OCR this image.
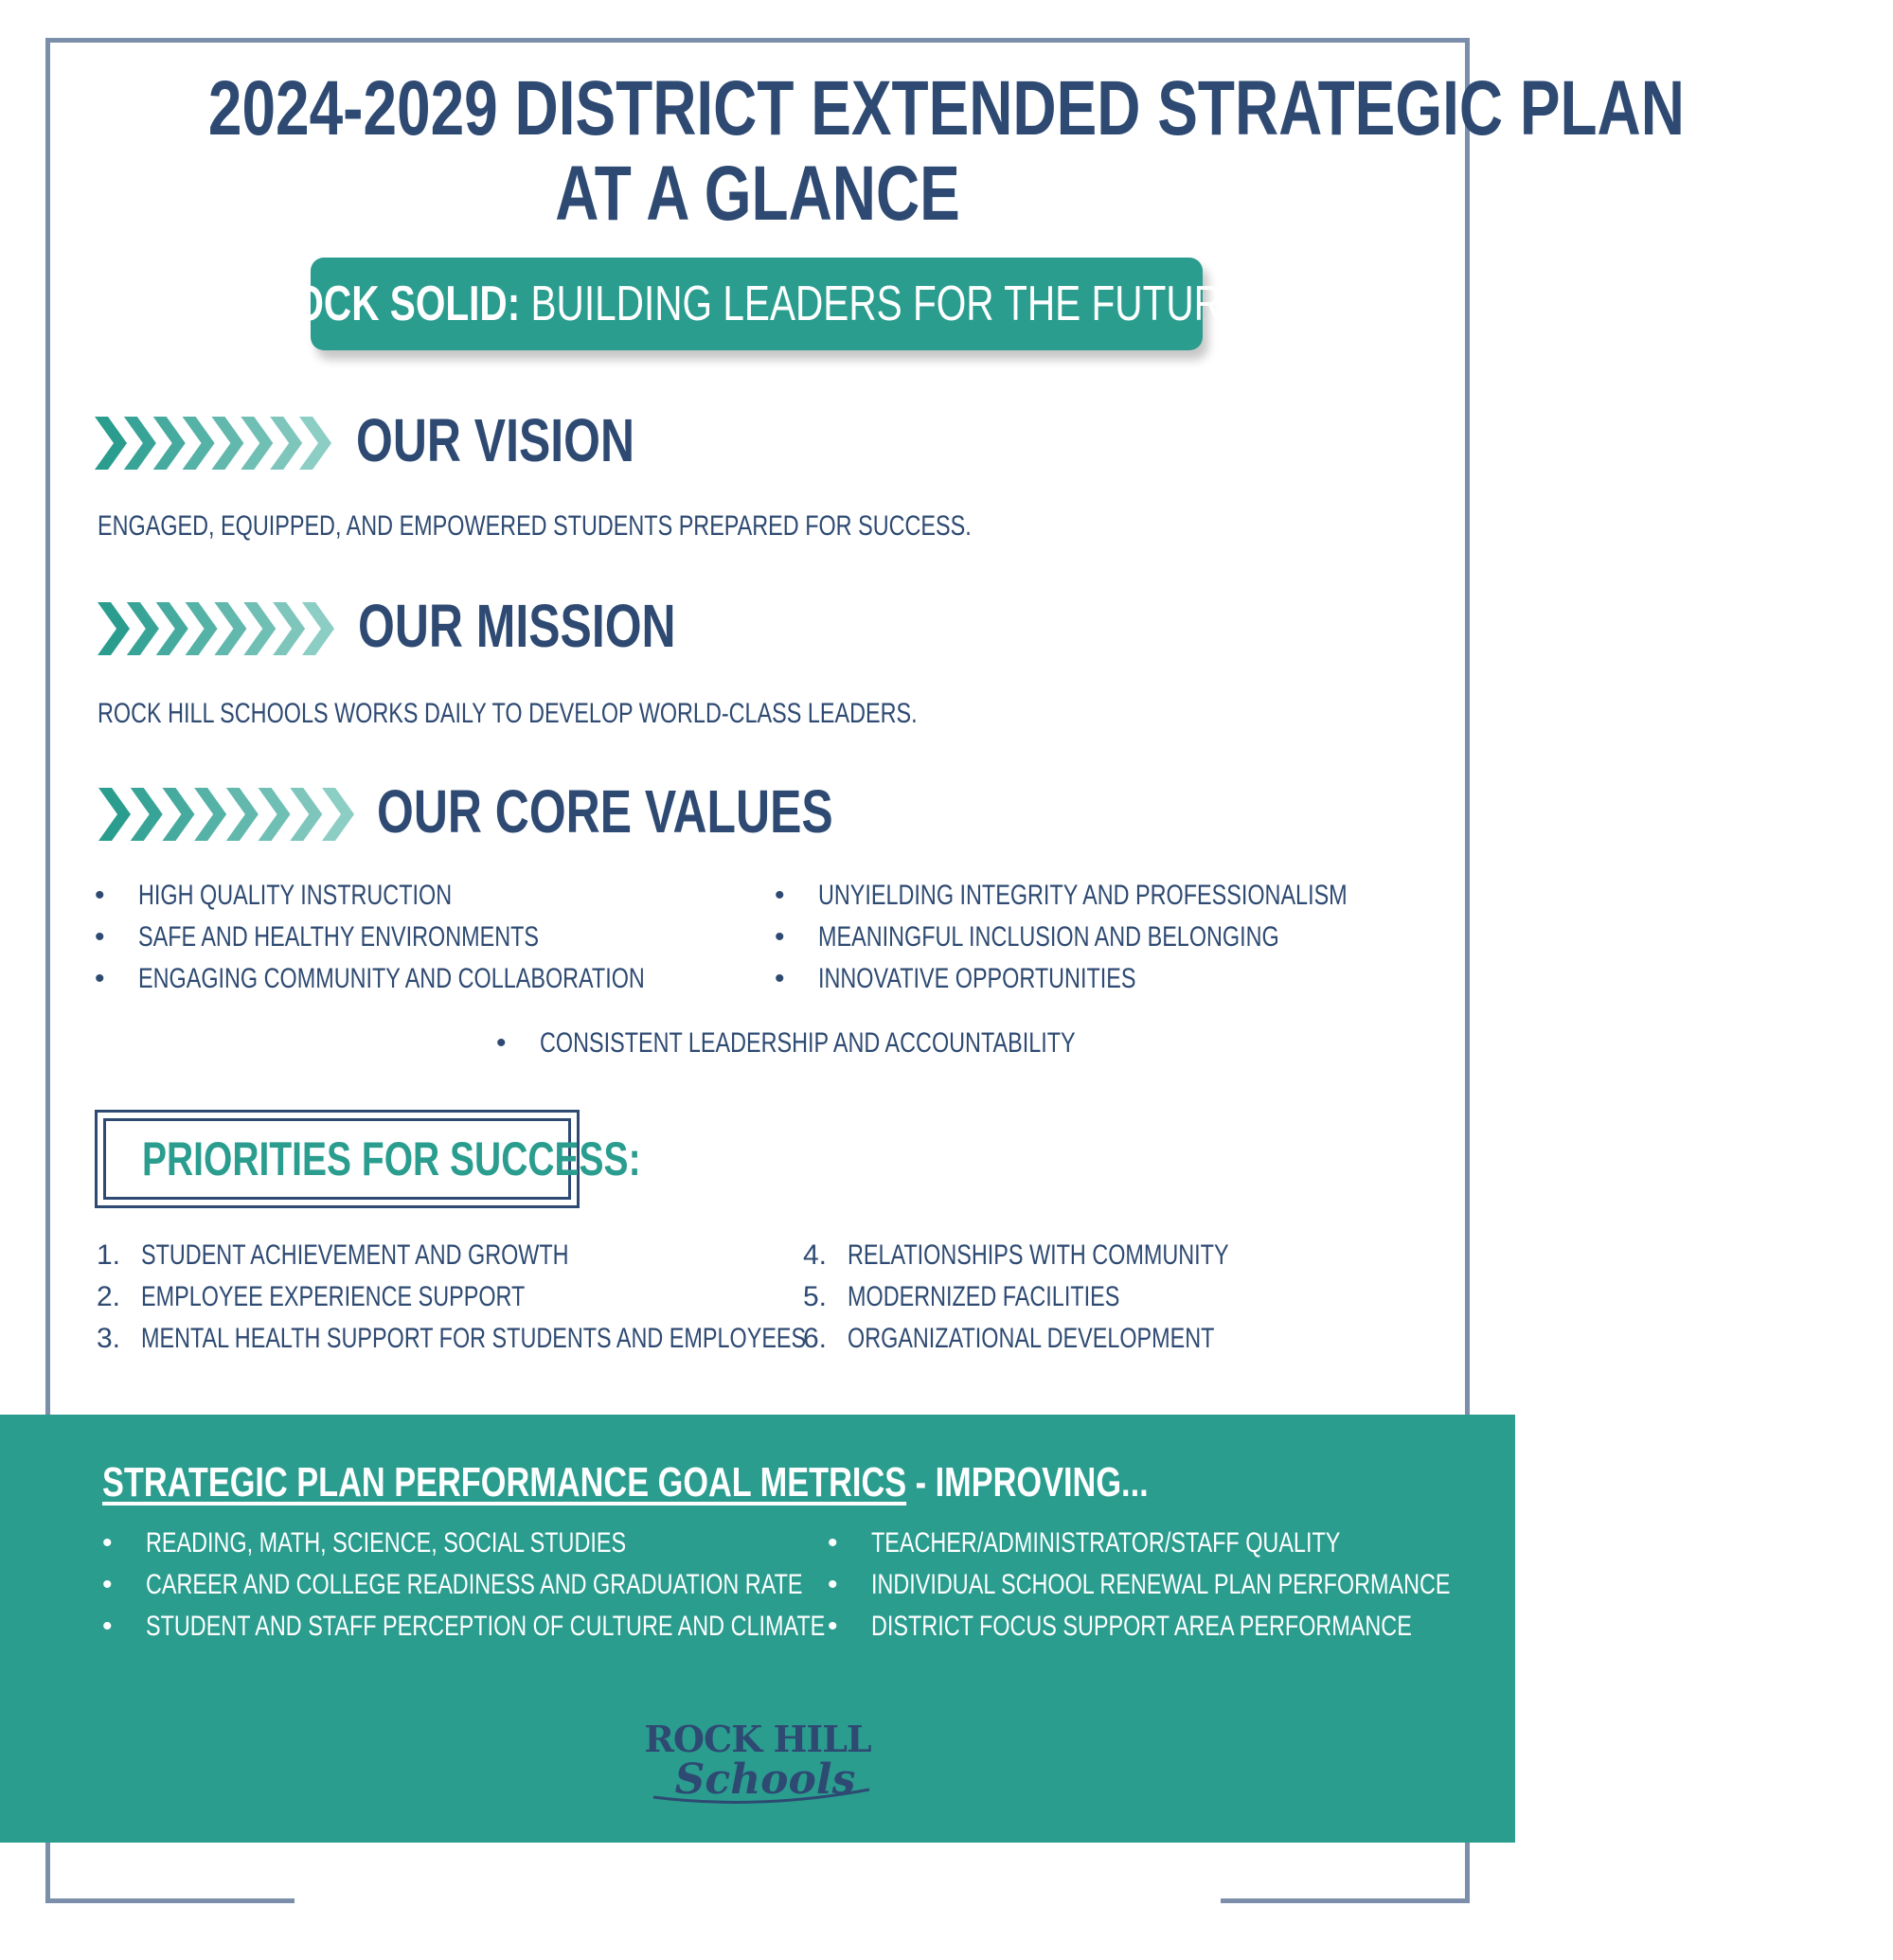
2024-2029 DISTRICT EXTENDED STRATEGIC PLAN
AT A GLANCE
ROCK SOLID: BUILDING LEADERS FOR THE FUTURE
OUR VISION
ENGAGED, EQUIPPED, AND EMPOWERED STUDENTS PREPARED FOR SUCCESS.
OUR MISSION
ROCK HILL SCHOOLS WORKS DAILY TO DEVELOP WORLD-CLASS LEADERS.
OUR CORE VALUES
• HIGH QUALITY INSTRUCTION
• SAFE AND HEALTHY ENVIRONMENTS
• ENGAGING COMMUNITY AND COLLABORATION
• UNYIELDING INTEGRITY AND PROFESSIONALISM
• MEANINGFUL INCLUSION AND BELONGING
• INNOVATIVE OPPORTUNITIES
• CONSISTENT LEADERSHIP AND ACCOUNTABILITY
PRIORITIES FOR SUCCESS:
1. STUDENT ACHIEVEMENT AND GROWTH
2. EMPLOYEE EXPERIENCE SUPPORT
3. MENTAL HEALTH SUPPORT FOR STUDENTS AND EMPLOYEES
4. RELATIONSHIPS WITH COMMUNITY
5. MODERNIZED FACILITIES
6. ORGANIZATIONAL DEVELOPMENT
STRATEGIC PLAN PERFORMANCE GOAL METRICS - IMPROVING...
• READING, MATH, SCIENCE, SOCIAL STUDIES
• CAREER AND COLLEGE READINESS AND GRADUATION RATE
• STUDENT AND STAFF PERCEPTION OF CULTURE AND CLIMATE
• TEACHER/ADMINISTRATOR/STAFF QUALITY
• INDIVIDUAL SCHOOL RENEWAL PLAN PERFORMANCE
• DISTRICT FOCUS SUPPORT AREA PERFORMANCE
ROCK HILL
Schools
